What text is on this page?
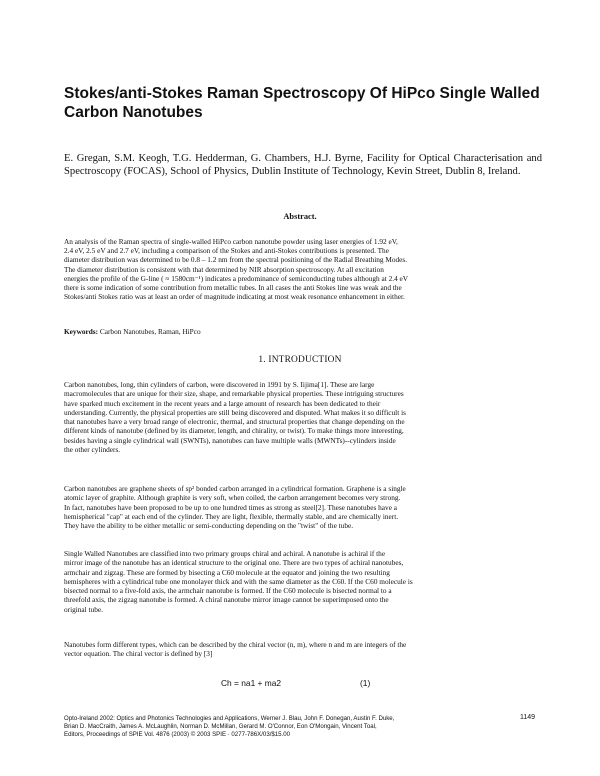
Stokes/anti-Stokes Raman Spectroscopy Of HiPco Single Walled Carbon Nanotubes
E. Gregan, S.M. Keogh, T.G. Hedderman, G. Chambers, H.J. Byrne, Facility for Optical Characterisation and Spectroscopy (FOCAS), School of Physics, Dublin Institute of Technology, Kevin Street, Dublin 8, Ireland.
Abstract.
An analysis of the Raman spectra of single-walled HiPco carbon nanotube powder using laser energies of 1.92 eV,
2.4 eV, 2.5 eV and 2.7 eV, including a comparison of the Stokes and anti-Stokes contributions is presented. The
diameter distribution was determined to be 0.8 – 1.2 nm from the spectral positioning of the Radial Breathing Modes.
The diameter distribution is consistent with that determined by NIR absorption spectroscopy. At all excitation
energies the profile of the G-line ( ≈ 1580cm⁻¹) indicates a predominance of semiconducting tubes although at 2.4 eV
there is some indication of some contribution from metallic tubes. In all cases the anti Stokes line was weak and the
Stokes/anti Stokes ratio was at least an order of magnitude indicating at most weak resonance enhancement in either.
Keywords: Carbon Nanotubes, Raman, HiPco
1. INTRODUCTION
Carbon nanotubes, long, thin cylinders of carbon, were discovered in 1991 by S. Iijima[1]. These are large
macromolecules that are unique for their size, shape, and remarkable physical properties. These intriguing structures
have sparked much excitement in the recent years and a large amount of research has been dedicated to their
understanding. Currently, the physical properties are still being discovered and disputed. What makes it so difficult is
that nanotubes have a very broad range of electronic, thermal, and structural properties that change depending on the
different kinds of nanotube (defined by its diameter, length, and chirality, or twist). To make things more interesting,
besides having a single cylindrical wall (SWNTs), nanotubes can have multiple walls (MWNTs)--cylinders inside
the other cylinders.
Carbon nanotubes are graphene sheets of sp² bonded carbon arranged in a cylindrical formation. Graphene is a single
atomic layer of graphite. Although graphite is very soft, when coiled, the carbon arrangement becomes very strong.
In fact, nanotubes have been proposed to be up to one hundred times as strong as steel[2]. These nanotubes have a
hemispherical "cap" at each end of the cylinder. They are light, flexible, thermally stable, and are chemically inert.
They have the ability to be either metallic or semi-conducting depending on the "twist" of the tube.
Single Walled Nanotubes are classified into two primary groups chiral and achiral. A nanotube is achiral if the
mirror image of the nanotube has an identical structure to the original one. There are two types of achiral nanotubes,
armchair and zigzag. These are formed by bisecting a C60 molecule at the equator and joining the two resulting
hemispheres with a cylindrical tube one monolayer thick and with the same diameter as the C60. If the C60 molecule is
bisected normal to a five-fold axis, the armchair nanotube is formed. If the C60 molecule is bisected normal to a
threefold axis, the zigzag nanotube is formed. A chiral nanotube mirror image cannot be superimposed onto the
original tube.
Nanotubes form different types, which can be described by the chiral vector (n, m), where n and m are integers of the
vector equation. The chiral vector is defined by [3]
Ch = na1 + ma2	(1)
Opto-Ireland 2002: Optics and Photonics Technologies and Applications, Werner J. Blau, John F. Donegan, Austin F. Duke,
Brian D. MacCraith, James A. McLaughlin, Norman D. McMillan, Gerard M. O'Connor, Eon O'Mongain, Vincent Toal,
Editors, Proceedings of SPIE Vol. 4876 (2003) © 2003 SPIE · 0277-786X/03/$15.00
1149
